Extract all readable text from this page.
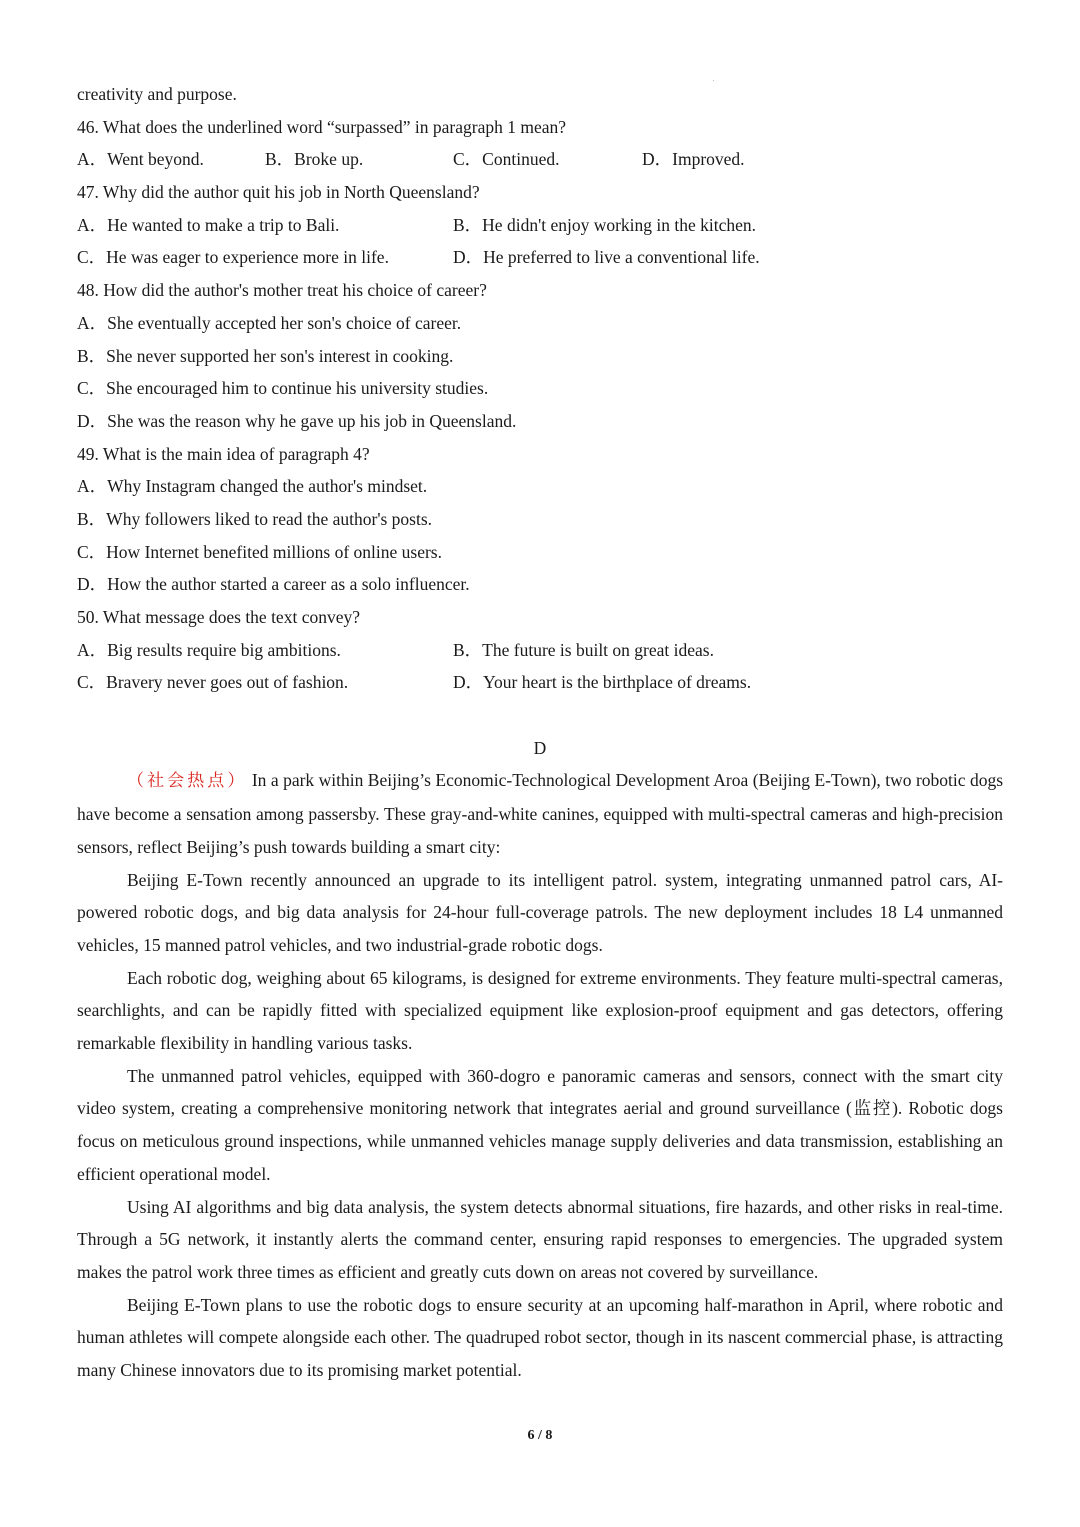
creativity and purpose.
46. What does the underlined word “surpassed” in paragraph 1 mean?
A．Went beyond.	B．Broke up.	C．Continued.	D．Improved.
47. Why did the author quit his job in North Queensland?
A．He wanted to make a trip to Bali.	B．He didn't enjoy working in the kitchen.
C．He was eager to experience more in life.	D．He preferred to live a conventional life.
48. How did the author's mother treat his choice of career?
A．She eventually accepted her son's choice of career.
B．She never supported her son's interest in cooking.
C．She encouraged him to continue his university studies.
D．She was the reason why he gave up his job in Queensland.
49. What is the main idea of paragraph 4?
A．Why Instagram changed the author's mindset.
B．Why followers liked to read the author's posts.
C．How Internet benefited millions of online users.
D．How the author started a career as a solo influencer.
50. What message does the text convey?
A．Big results require big ambitions.	B．The future is built on great ideas.
C．Bravery never goes out of fashion.	D．Your heart is the birthplace of dreams.
D

（社会热点） In a park within Beijing’s Economic-Technological Development Aroa (Beijing E-Town), two robotic dogs have become a sensation among passersby. These gray-and-white canines, equipped with multi-spectral cameras and high-precision sensors, reflect Beijing’s push towards building a smart city:

Beijing E-Town recently announced an upgrade to its intelligent patrol. system, integrating unmanned patrol cars, AI-powered robotic dogs, and big data analysis for 24-hour full-coverage patrols. The new deployment includes 18 L4 unmanned vehicles, 15 manned patrol vehicles, and two industrial-grade robotic dogs.

Each robotic dog, weighing about 65 kilograms, is designed for extreme environments. They feature multi-spectral cameras, searchlights, and can be rapidly fitted with specialized equipment like explosion-proof equipment and gas detectors, offering remarkable flexibility in handling various tasks.

The unmanned patrol vehicles, equipped with 360-dogro e panoramic cameras and sensors, connect with the smart city video system, creating a comprehensive monitoring network that integrates aerial and ground surveillance (监控). Robotic dogs focus on meticulous ground inspections, while unmanned vehicles manage supply deliveries and data transmission, establishing an efficient operational model.

Using AI algorithms and big data analysis, the system detects abnormal situations, fire hazards, and other risks in real-time. Through a 5G network, it instantly alerts the command center, ensuring rapid responses to emergencies. The upgraded system makes the patrol work three times as efficient and greatly cuts down on areas not covered by surveillance.

Beijing E-Town plans to use the robotic dogs to ensure security at an upcoming half-marathon in April, where robotic and human athletes will compete alongside each other. The quadruped robot sector, though in its nascent commercial phase, is attracting many Chinese innovators due to its promising market potential.

6 / 8
